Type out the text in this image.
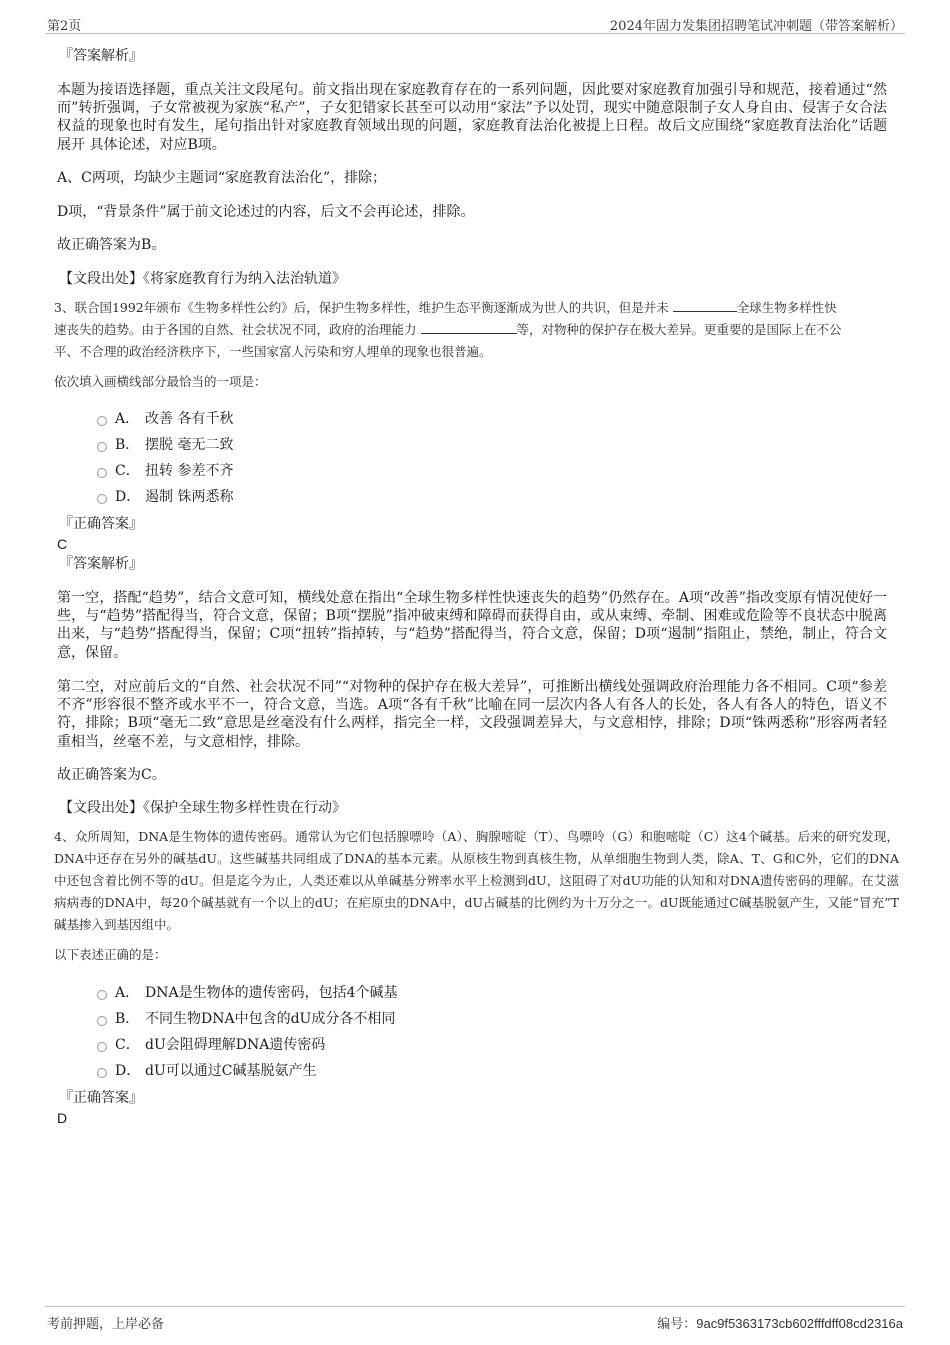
第2页	2024年固力发集团招聘笔试冲刺题（带答案解析）
『答案解析』
本题为接语选择题，重点关注文段尾句。前文指出现在家庭教育存在的一系列问题，因此要对家庭教育加强引导和规范，接着通过“然而”转折强调，子女常被视为家族“私产”，子女犯错家长甚至可以动用“家法”予以处罚，现实中随意限制子女人身自由、侵害子女合法权益的现象也时有发生，尾句指出针对家庭教育领域出现的问题，家庭教育法治化被提上日程。故后文应围绕“家庭教育法治化”话题 展开 具体论述，对应B项。
A、C两项，均缺少主题词“家庭教育法治化”，排除；
D项，“背景条件”属于前文论述过的内容，后文不会再论述，排除。
故正确答案为B。
【文段出处】《将家庭教育行为纳入法治轨道》
3、联合国1992年颁布《生物多样性公约》后，保护生物多样性，维护生态平衡逐渐成为世人的共识，但是并未	全球生物多样性快
速丧失的趋势。由于各国的自然、社会状况不同，政府的治理能力	等，对物种的保护存在极大差异。更重要的是国际上在不公
平、不合理的政治经济秩序下，一些国家富人污染和穷人埋单的现象也很普遍。
依次填入画横线部分最恰当的一项是：
A． 改善 各有千秋
B． 摆脱 毫无二致
C． 扭转 参差不齐
D． 遏制 铢两悉称
『正确答案』
C
『答案解析』
第一空，搭配“趋势”，结合文意可知，横线处意在指出“全球生物多样性快速丧失的趋势”仍然存在。A项“改善”指改变原有情况使好一些，与“趋势”搭配得当，符合文意，保留；B项“摆脱”指冲破束缚和障碍而获得自由，或从束缚、牵制、困难或危险等不良状态中脱离出来，与“趋势”搭配得当，保留；C项“扭转”指掉转，与“趋势”搭配得当，符合文意，保留；D项“遏制”指阻止，禁绝，制止，符合文意，保留。
第二空，对应前后文的“自然、社会状况不同”“对物种的保护存在极大差异”，可推断出横线处强调政府治理能力各不相同。C项“参差不齐”形容很不整齐或水平不一，符合文意，当选。A项“各有千秋”比喻在同一层次内各人有各人的长处，各人有各人的特色，语义不符，排除；B项“毫无二致”意思是丝毫没有什么两样，指完全一样，文段强调差异大，与文意相悖，排除；D项“铢两悉称”形容两者轻重相当，丝毫不差，与文意相悖，排除。
故正确答案为C。
【文段出处】《保护全球生物多样性贵在行动》
4、众所周知，DNA是生物体的遗传密码。通常认为它们包括腺嘌呤（A）、胸腺嘧啶（T）、鸟嘌呤（G）和胞嘧啶（C）这4个碱基。后来的研究发现，DNA中还存在另外的碱基dU。这些碱基共同组成了DNA的基本元素。从原核生物到真核生物，从单细胞生物到人类，除A、T、G和C外，它们的DNA中还包含着比例不等的dU。但是迄今为止，人类还难以从单碱基分辨率水平上检测到dU，这阻碍了对dU功能的认知和对DNA遗传密码的理解。在艾滋病病毒的DNA中，每20个碱基就有一个以上的dU；在疟原虫的DNA中，dU占碱基的比例约为十万分之一。dU既能通过C碱基脱氨产生，又能“冒充”T碱基掺入到基因组中。
以下表述正确的是：
A． DNA是生物体的遗传密码，包括4个碱基
B． 不同生物DNA中包含的dU成分各不相同
C． dU会阻碍理解DNA遗传密码
D． dU可以通过C碱基脱氨产生
『正确答案』
D
考前押题，上岸必备	编号：9ac9f5363173cb602fffdff08cd2316a
